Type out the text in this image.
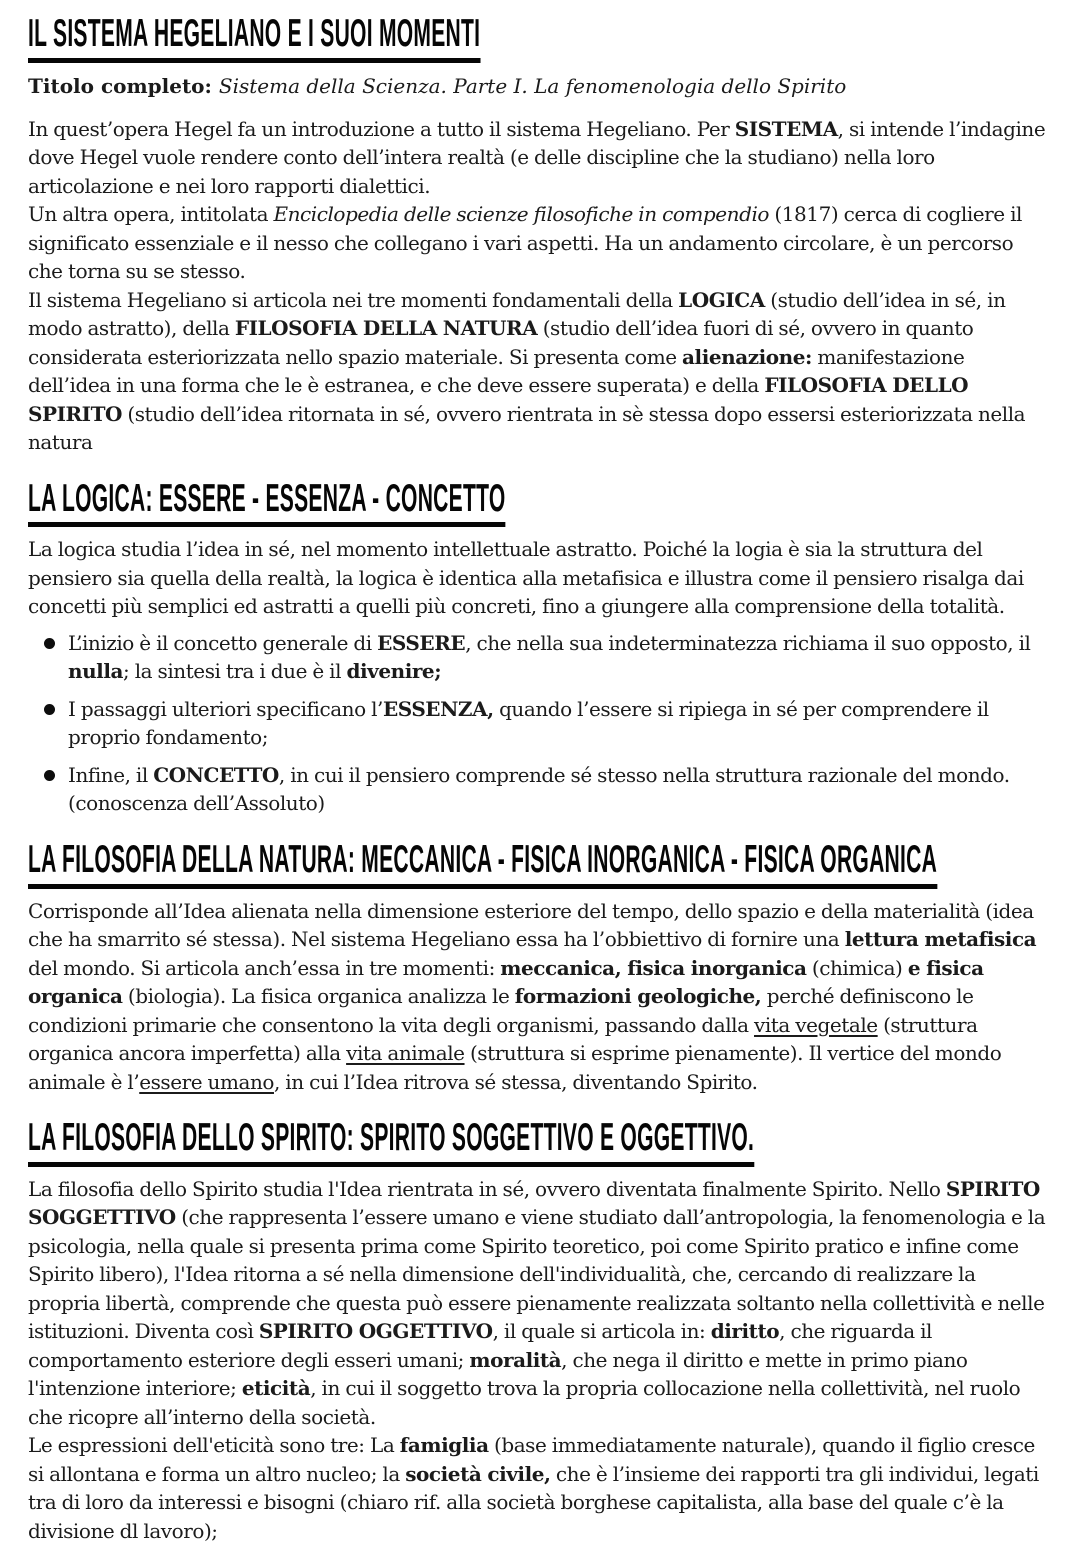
IL SISTEMA HEGELIANO E I SUOI MOMENTI

Titolo completo: Sistema della Scienza. Parte I. La fenomenologia dello Spirito

In quest’opera Hegel fa un introduzione a tutto il sistema Hegeliano. Per SISTEMA, si intende l’indagine dove Hegel vuole rendere conto dell’intera realtà (e delle discipline che la studiano) nella loro articolazione e nei loro rapporti dialettici.

Un altra opera, intitolata Enciclopedia delle scienze filosofiche in compendio (1817) cerca di cogliere il significato essenziale e il nesso che collegano i vari aspetti. Ha un andamento circolare, è un percorso che torna su se stesso.

Il sistema Hegeliano si articola nei tre momenti fondamentali della LOGICA (studio dell’idea in sé, in modo astratto), della FILOSOFIA DELLA NATURA (studio dell’idea fuori di sé, ovvero in quanto considerata esteriorizzata nello spazio materiale. Si presenta come alienazione: manifestazione dell’idea in una forma che le è estranea, e che deve essere superata) e della FILOSOFIA DELLO SPIRITO (studio dell’idea ritornata in sé, ovvero rientrata in sè stessa dopo essersi esteriorizzata nella natura

LA LOGICA: ESSERE - ESSENZA - CONCETTO

La logica studia l’idea in sé, nel momento intellettuale astratto. Poiché la logia è sia la struttura del pensiero sia quella della realtà, la logica è identica alla metafisica e illustra come il pensiero risalga dai concetti più semplici ed astratti a quelli più concreti, fino a giungere alla comprensione della totalità.

L’inizio è il concetto generale di ESSERE, che nella sua indeterminatezza richiama il suo opposto, il nulla; la sintesi tra i due è il divenire;
I passaggi ulteriori specificano l’ESSENZA, quando l’essere si ripiega in sé per comprendere il proprio fondamento;
Infine, il CONCETTO, in cui il pensiero comprende sé stesso nella struttura razionale del mondo. (conoscenza dell’Assoluto)
LA FILOSOFIA DELLA NATURA: MECCANICA - FISICA INORGANICA - FISICA ORGANICA

Corrisponde all’Idea alienata nella dimensione esteriore del tempo, dello spazio e della materialità (idea che ha smarrito sé stessa). Nel sistema Hegeliano essa ha l’obbiettivo di fornire una lettura metafisica del mondo. Si articola anch’essa in tre momenti: meccanica, fisica inorganica (chimica) e fisica organica (biologia). La fisica organica analizza le formazioni geologiche, perché definiscono le condizioni primarie che consentono la vita degli organismi, passando dalla vita vegetale (struttura organica ancora imperfetta) alla vita animale (struttura si esprime pienamente). Il vertice del mondo animale è l’essere umano, in cui l’Idea ritrova sé stessa, diventando Spirito.

LA FILOSOFIA DELLO SPIRITO: SPIRITO SOGGETTIVO E OGGETTIVO.

La filosofia dello Spirito studia l'Idea rientrata in sé, ovvero diventata finalmente Spirito. Nello SPIRITO SOGGETTIVO (che rappresenta l’essere umano e viene studiato dall’antropologia, la fenomenologia e la psicologia, nella quale si presenta prima come Spirito teoretico, poi come Spirito pratico e infine come Spirito libero), l'Idea ritorna a sé nella dimensione dell'individualità, che, cercando di realizzare la propria libertà, comprende che questa può essere pienamente realizzata soltanto nella collettività e nelle istituzioni. Diventa così SPIRITO OGGETTIVO, il quale si articola in: diritto, che riguarda il comportamento esteriore degli esseri umani; moralità, che nega il diritto e mette in primo piano l'intenzione interiore; eticità, in cui il soggetto trova la propria collocazione nella collettività, nel ruolo che ricopre all’interno della società.

Le espressioni dell'eticità sono tre: La famiglia (base immediatamente naturale), quando il figlio cresce si allontana e forma un altro nucleo; la società civile, che è l’insieme dei rapporti tra gli individui, legati tra di loro da interessi e bisogni (chiaro rif. alla società borghese capitalista, alla base del quale c’è la divisione dl lavoro);
